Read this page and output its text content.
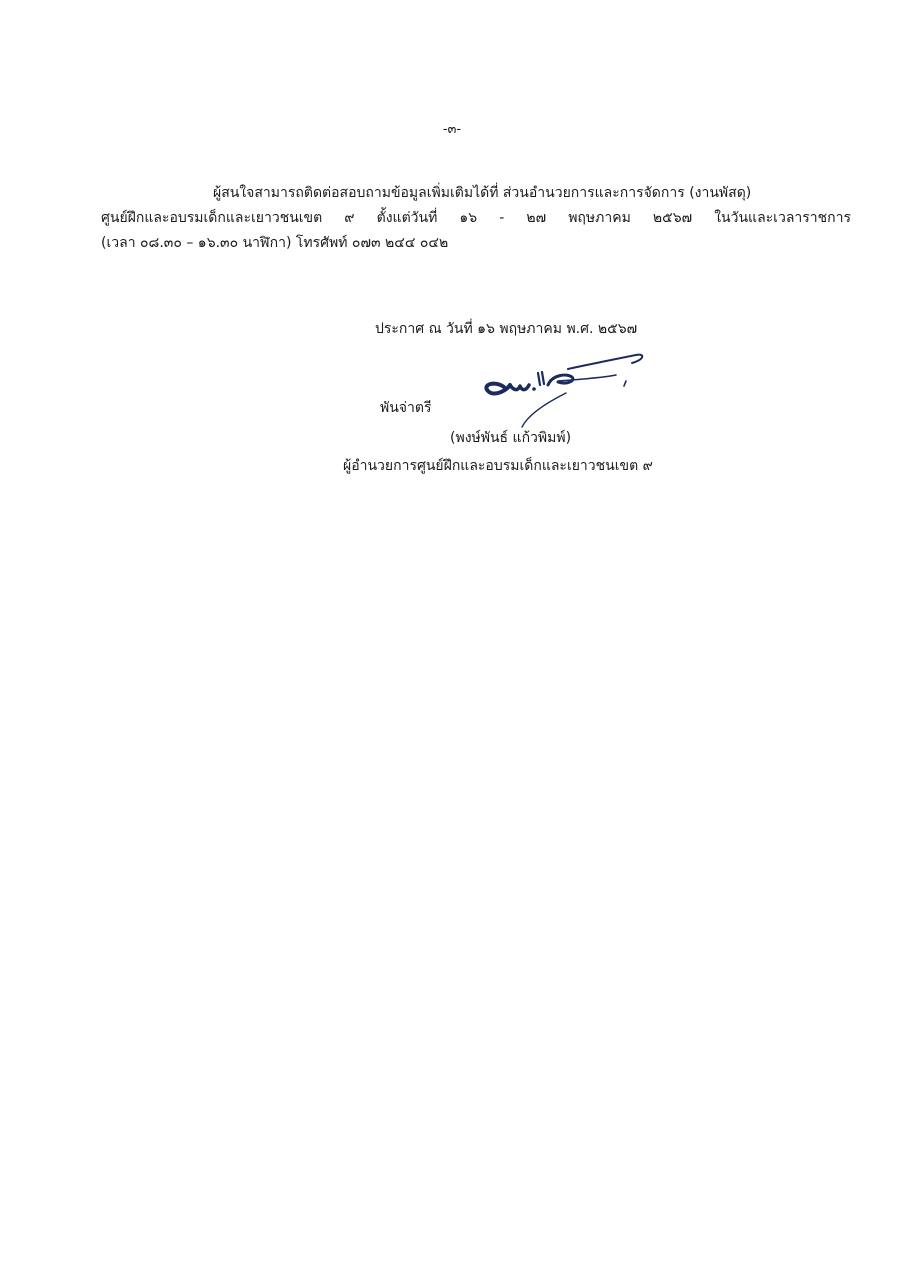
-๓-
ผู้สนใจสามารถติดต่อสอบถามข้อมูลเพิ่มเติมได้ที่ ส่วนอำนวยการและการจัดการ (งานพัสดุ)
ศูนย์ฝึกและอบรมเด็กและเยาวชนเขต ๙ ตั้งแต่วันที่ ๑๖ - ๒๗ พฤษภาคม ๒๕๖๗ ในวันและเวลาราชการ
(เวลา ๐๘.๓๐ – ๑๖.๓๐ นาฬิกา) โทรศัพท์ ๐๗๓ ๒๔๔ ๐๔๒
ประกาศ ณ วันที่ ๑๖ พฤษภาคม พ.ศ. ๒๕๖๗
พันจ่าตรี
(พงษ์พันธ์ แก้วพิมพ์)
ผู้อำนวยการศูนย์ฝึกและอบรมเด็กและเยาวชนเขต ๙
